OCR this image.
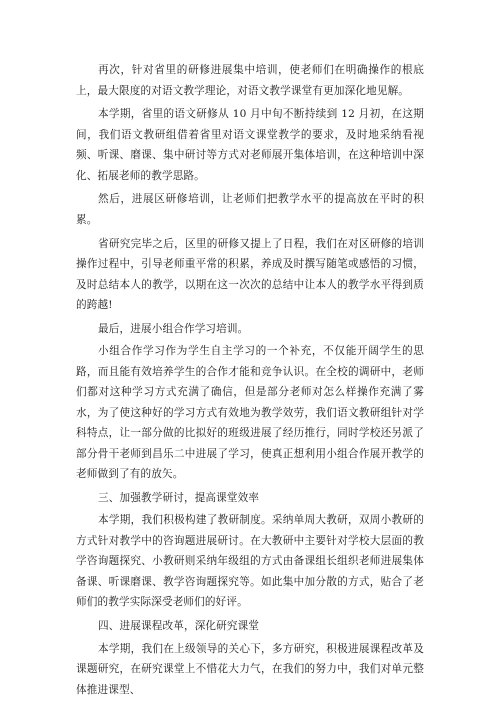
再次，针对省里的研修进展集中培训，使老师们在明确操作的根底上，最大限度的对语文教学理论，对语文教学课堂有更加深化地见解。

本学期，省里的语文研修从 10 月中旬不断持续到 12 月初，在这期间，我们语文教研组借着省里对语文课堂教学的要求，及时地采纳看视频、听课、磨课、集中研讨等方式对老师展开集体培训，在这种培训中深化、拓展老师的教学思路。

然后，进展区研修培训，让老师们把教学水平的提高放在平时的积累。

省研究完毕之后，区里的研修又提上了日程，我们在对区研修的培训操作过程中，引导老师重平常的积累，养成及时撰写随笔或感悟的习惯，及时总结本人的教学，以期在这一次次的总结中让本人的教学水平得到质的跨越!

最后，进展小组合作学习培训。

小组合作学习作为学生自主学习的一个补充，不仅能开阔学生的思路，而且能有效培养学生的合作才能和竞争认识。在全校的调研中，老师们都对这种学习方式充满了确信，但是部分老师对怎么样操作充满了雾水，为了使这种好的学习方式有效地为教学效劳，我们语文教研组针对学科特点，让一部分做的比拟好的班级进展了经历推行，同时学校还另派了部分骨干老师到昌乐二中进展了学习，使真正想利用小组合作展开教学的老师做到了有的放矢。

三、加强教学研讨，提高课堂效率

本学期，我们积极构建了教研制度。采纳单周大教研，双周小教研的方式针对教学中的咨询题进展研讨。在大教研中主要针对学校大层面的教学咨询题探究、小教研则采纳年级组的方式由备课组长组织老师进展集体备课、听课磨课、教学咨询题探究等。如此集中加分散的方式，贴合了老师们的教学实际深受老师们的好评。

四、进展课程改革，深化研究课堂

本学期，我们在上级领导的关心下，多方研究，积极进展课程改革及课题研究，在研究课堂上不惜花大力气，在我们的努力中，我们对单元整体推进课型、
